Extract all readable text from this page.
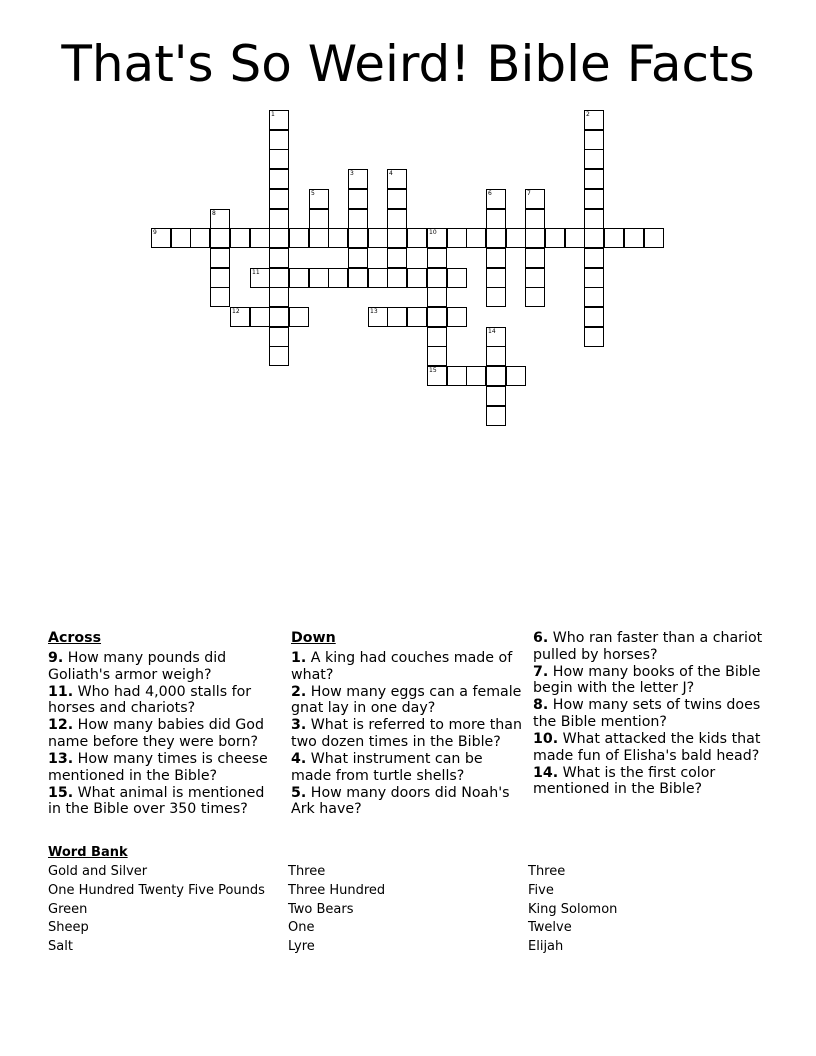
That's So Weird! Bible Facts
1	2
3	4
5	6	7
8
9	10
11
12	13
14
15
Across
9. How many pounds did Goliath's armor weigh?
11. Who had 4,000 stalls for horses and chariots?
12. How many babies did God name before they were born?
13. How many times is cheese mentioned in the Bible?
15. What animal is mentioned in the Bible over 350 times?
Down
1. A king had couches made of what?
2. How many eggs can a female gnat lay in one day?
3. What is referred to more than two dozen times in the Bible?
4. What instrument can be made from turtle shells?
5. How many doors did Noah's Ark have?
6. Who ran faster than a chariot pulled by horses?
7. How many books of the Bible begin with the letter J?
8. How many sets of twins does the Bible mention?
10. What attacked the kids that made fun of Elisha's bald head?
14. What is the first color mentioned in the Bible?
Word Bank
Gold and Silver
One Hundred Twenty Five Pounds
Green
Sheep
Salt
Three
Three Hundred
Two Bears
One
Lyre
Three
Five
King Solomon
Twelve
Elijah
